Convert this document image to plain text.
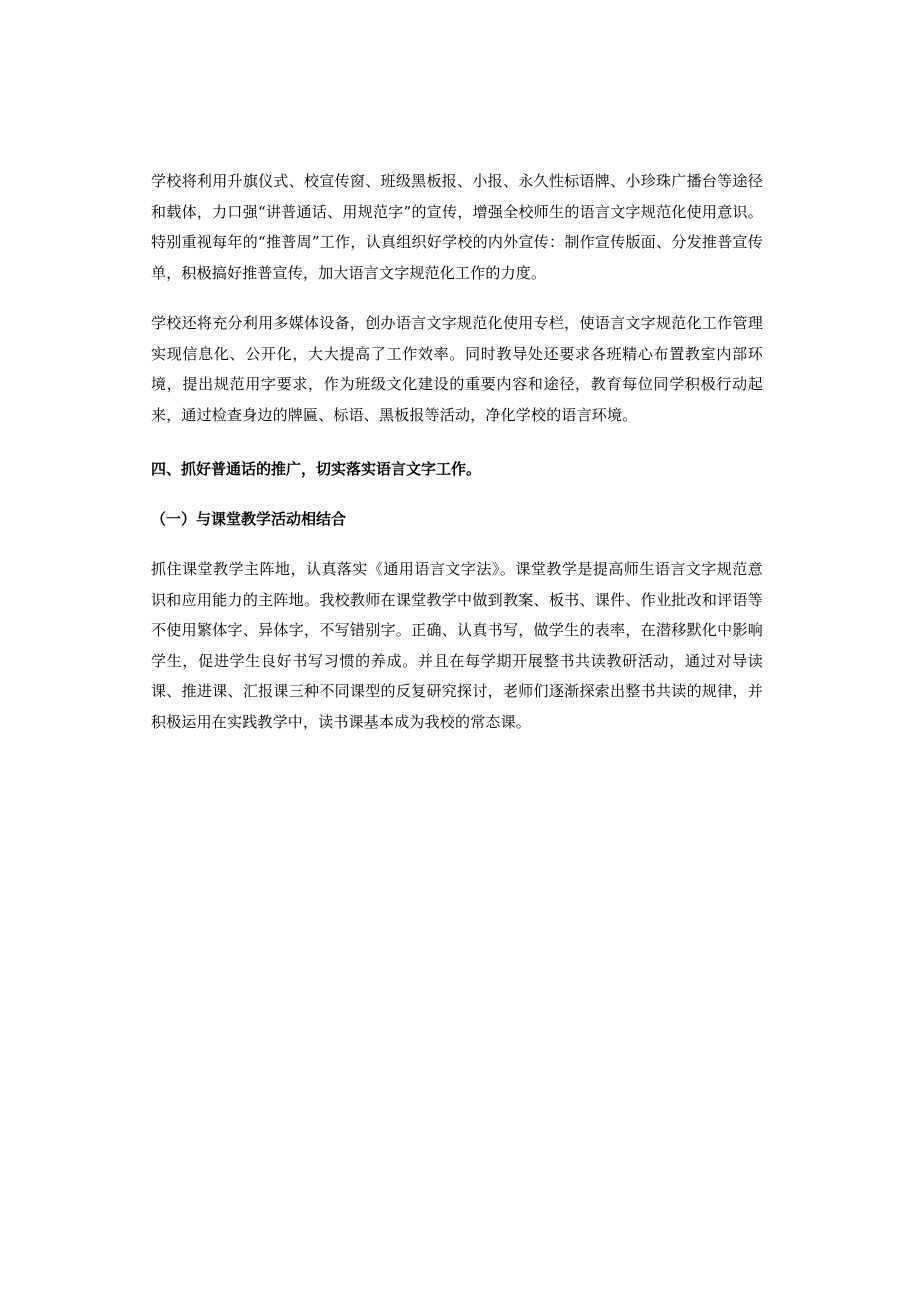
学校将利用升旗仪式、校宣传窗、班级黑板报、小报、永久性标语牌、小珍珠广播台等途径和载体，力口强“讲普通话、用规范字”的宣传，增强全校师生的语言文字规范化使用意识。特别重视每年的“推普周”工作，认真组织好学校的内外宣传：制作宣传版面、分发推普宣传单，积极搞好推普宣传，加大语言文字规范化工作的力度。

学校还将充分利用多媒体设备，创办语言文字规范化使用专栏，使语言文字规范化工作管理实现信息化、公开化，大大提高了工作效率。同时教导处还要求各班精心布置教室内部环境，提出规范用字要求，作为班级文化建设的重要内容和途径，教育每位同学积极行动起来，通过检查身边的牌匾、标语、黑板报等活动，净化学校的语言环境。

四、抓好普通话的推广，切实落实语言文字工作。

（一）与课堂教学活动相结合

抓住课堂教学主阵地，认真落实《通用语言文字法》。课堂教学是提高师生语言文字规范意识和应用能力的主阵地。我校教师在课堂教学中做到教案、板书、课件、作业批改和评语等不使用繁体字、异体字，不写错别字。正确、认真书写，做学生的表率，在潜移默化中影响学生，促进学生良好书写习惯的养成。并且在每学期开展整书共读教研活动，通过对导读课、推进课、汇报课三种不同课型的反复研究探讨，老师们逐渐探索出整书共读的规律，并积极运用在实践教学中，读书课基本成为我校的常态课。
